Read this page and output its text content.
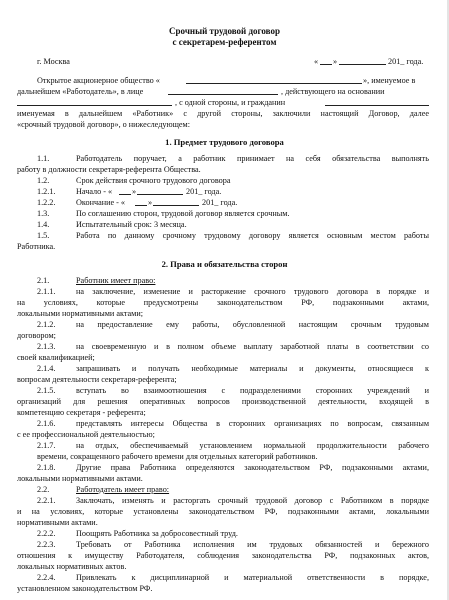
Срочный трудовой договор
с секретарем-референтом
г. Москва	« »	201_ года.
Открытое акционерное общество «	», именуемое в
дальнейшем «Работодатель», в лице	, действующего на основании
, с одной стороны, и гражданин
именуемая в дальнейшем «Работник» с другой стороны, заключили настоящий Договор, далее
«срочный трудовой договор», о нижеследующем:
1. Предмет трудового договора
1.1.	Работодатель поручает, а работник принимает на себя обязательства выполнять
работу в должности секретаря-референта Общества.
1.2.	Срок действия срочного трудового договора
1.2.1.	Начало - « »	201_ года.
1.2.2.	Окончание - «	»	201_ года.
1.3.	По соглашению сторон, трудовой договор является срочным.
1.4.	Испытательный срок: 3 месяца.
1.5.	Работа по данному срочному трудовому договору является основным местом работы
Работника.
2. Права и обязательства сторон
2.1.	Работник имеет право:
2.1.1.	на заключение, изменение и расторжение срочного трудового договора в порядке и
на условиях, которые предусмотрены законодательством РФ, подзаконными актами,
локальными нормативными актами;
2.1.2.	на предоставление ему работы, обусловленной настоящим срочным трудовым
договором;
2.1.3.	на своевременную и в полном объеме выплату заработной платы в соответствии со
своей квалификацией;
2.1.4.	запрашивать и получать необходимые материалы и документы, относящиеся к
вопросам деятельности секретаря-референта;
2.1.5.	вступать во взаимоотношения с подразделениями сторонних учреждений и
организаций для решения оперативных вопросов производственной деятельности, входящей в
компетенцию секретаря - референта;
2.1.6.	представлять интересы Общества в сторонних организациях по вопросам, связанным
с ее профессиональной деятельностью;
2.1.7.	на отдых, обеспечиваемый установлением нормальной продолжительности рабочего
времени, сокращенного рабочего времени для отдельных категорий работников.
2.1.8.	Другие права Работника определяются законодательством РФ, подзаконными актами,
локальными нормативными актами.
2.2.	Работодатель имеет право:
2.2.1.	Заключать, изменять и расторгать срочный трудовой договор с Работником в порядке
и на условиях, которые установлены законодательством РФ, подзаконными актами, локальными
нормативными актами.
2.2.2.	Поощрять Работника за добросовестный труд.
2.2.3.	Требовать от Работника исполнения им трудовых обязанностей и бережного
отношения к имуществу Работодателя, соблюдения законодательства РФ, подзаконных актов,
локальных нормативных актов.
2.2.4.	Привлекать к дисциплинарной и материальной ответственности в порядке,
установленном законодательством РФ.
